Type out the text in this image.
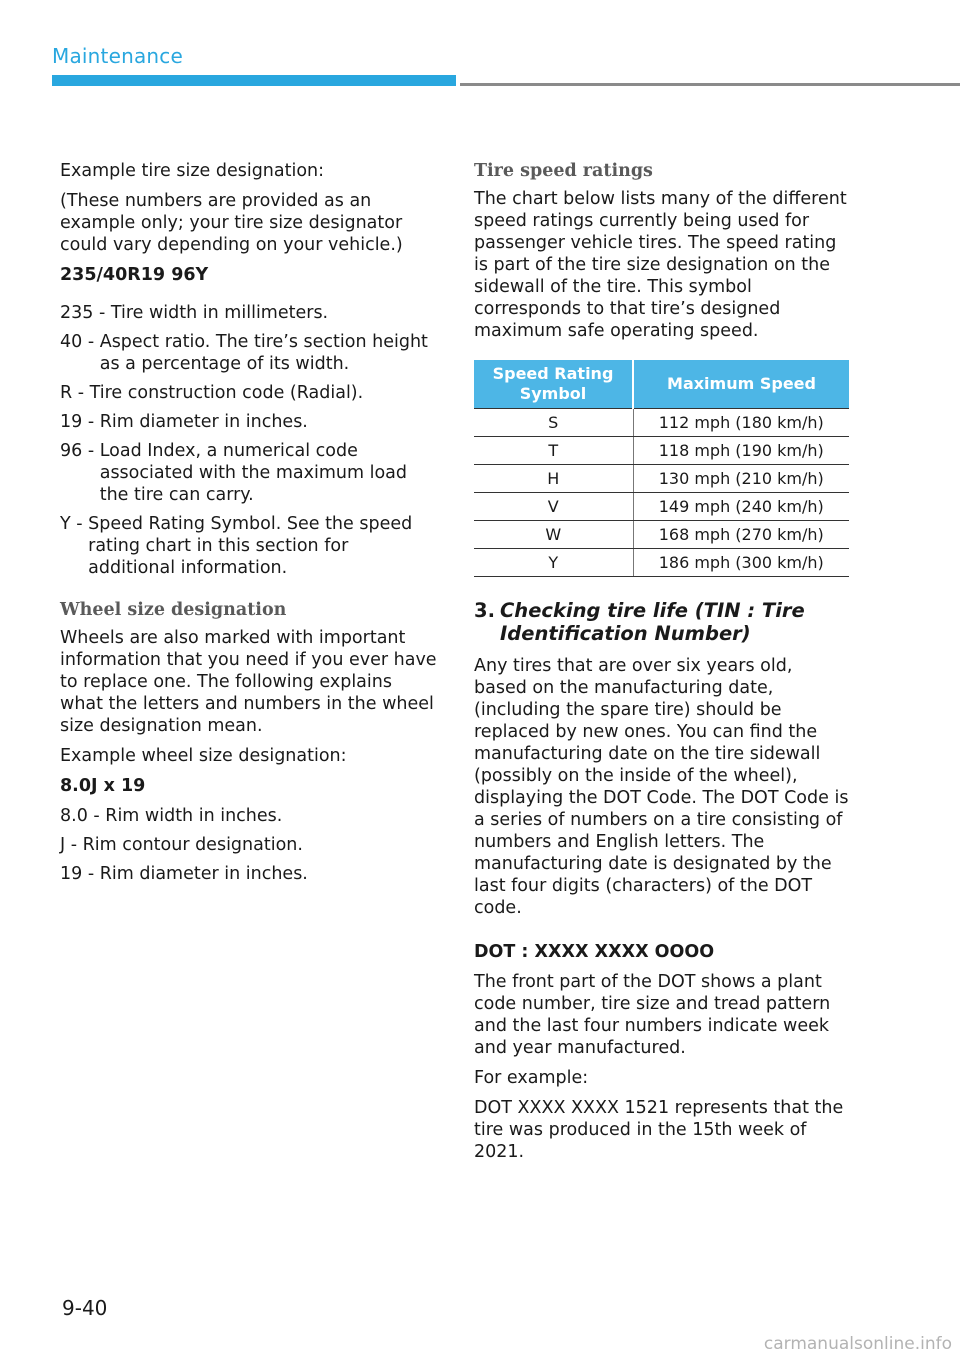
Maintenance

Example tire size designation:

(These numbers are provided as an example only; your tire size designator could vary depending on your vehicle.)

235/40R19 96Y

235 - Tire width in millimeters.
40 - Aspect ratio. The tire’s section height as a percentage of its width.
R - Tire construction code (Radial).
19 - Rim diameter in inches.
96 - Load Index, a numerical code associated with the maximum load the tire can carry.
Y - Speed Rating Symbol. See the speed rating chart in this section for additional information.
Wheel size designation

Wheels are also marked with important information that you need if you ever have to replace one. The following explains what the letters and numbers in the wheel size designation mean.

Example wheel size designation:

8.0J x 19

8.0 - Rim width in inches.
J - Rim contour designation.
19 - Rim diameter in inches.
Tire speed ratings

The chart below lists many of the different speed ratings currently being used for passenger vehicle tires. The speed rating is part of the tire size designation on the sidewall of the tire. This symbol corresponds to that tire’s designed maximum safe operating speed.

Speed Rating Symbol	Maximum Speed
S	112 mph (180 km/h)
T	118 mph (190 km/h)
H	130 mph (210 km/h)
V	149 mph (240 km/h)
W	168 mph (270 km/h)
Y	186 mph (300 km/h)
3. Checking tire life (TIN : Tire Identification Number)

Any tires that are over six years old, based on the manufacturing date, (including the spare tire) should be replaced by new ones. You can find the manufacturing date on the tire sidewall (possibly on the inside of the wheel), displaying the DOT Code. The DOT Code is a series of numbers on a tire consisting of numbers and English letters. The manufacturing date is designated by the last four digits (characters) of the DOT code.

DOT : XXXX XXXX OOOO

The front part of the DOT shows a plant code number, tire size and tread pattern and the last four numbers indicate week and year manufactured.

For example:

DOT XXXX XXXX 1521 represents that the tire was produced in the 15th week of 2021.

9-40
carmanualsonline.info
